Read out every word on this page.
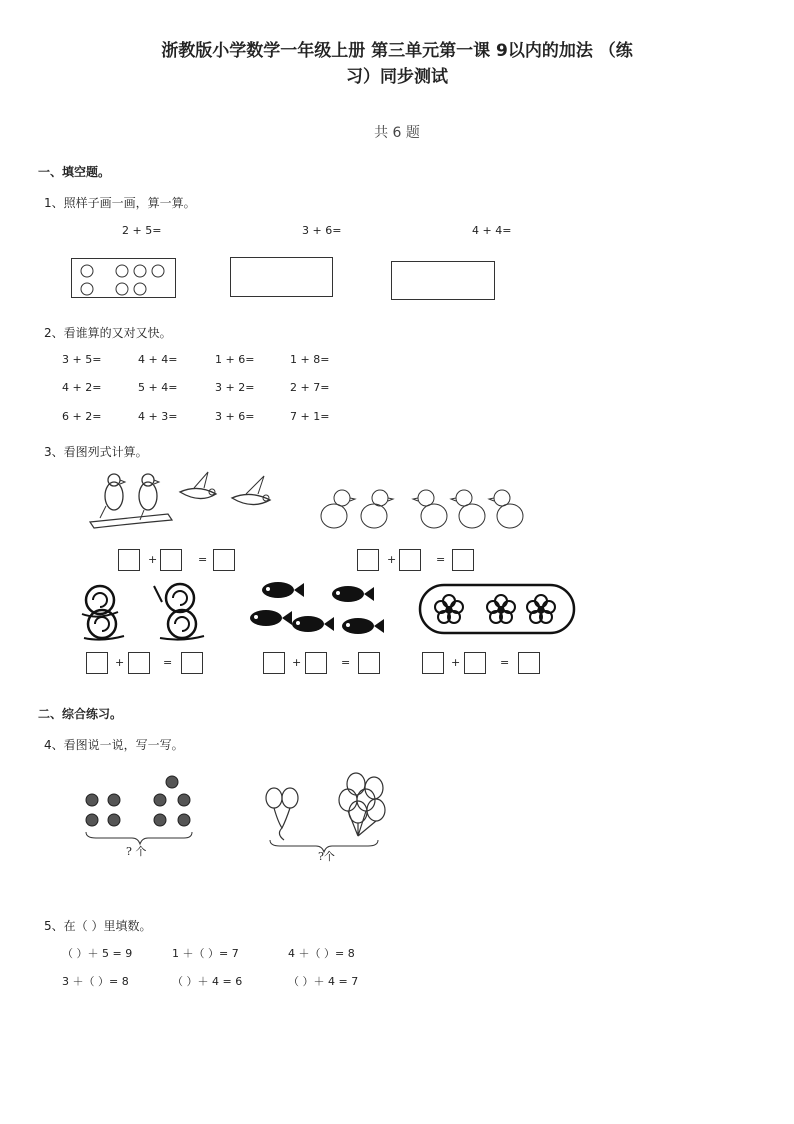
浙教版小学数学一年级上册 第三单元第一课 9以内的加法 （练
习）同步测试
共 6 题
一、填空题。
1、照样子画一画，算一算。
2 + 5=	3 + 6=	4 + 4=
2、看谁算的又对又快。
3 + 5=	4 + 4=	1 + 6=	1 + 8=
4 + 2=	5 + 4=	3 + 2=	2 + 7=
6 + 2=	4 + 3=	3 + 6=	7 + 1=
3、看图列式计算。
+	=	+	=
+	=	+	=	+	=
二、综合练习。
4、看图说一说，写一写。
? 个	?个
5、在（ ）里填数。
（ ）＋ 5 = 9	1 ＋（ ）= 7	4 ＋（ ）= 8
3 ＋（ ）= 8	（ ）＋ 4 = 6	（ ）＋ 4 = 7
